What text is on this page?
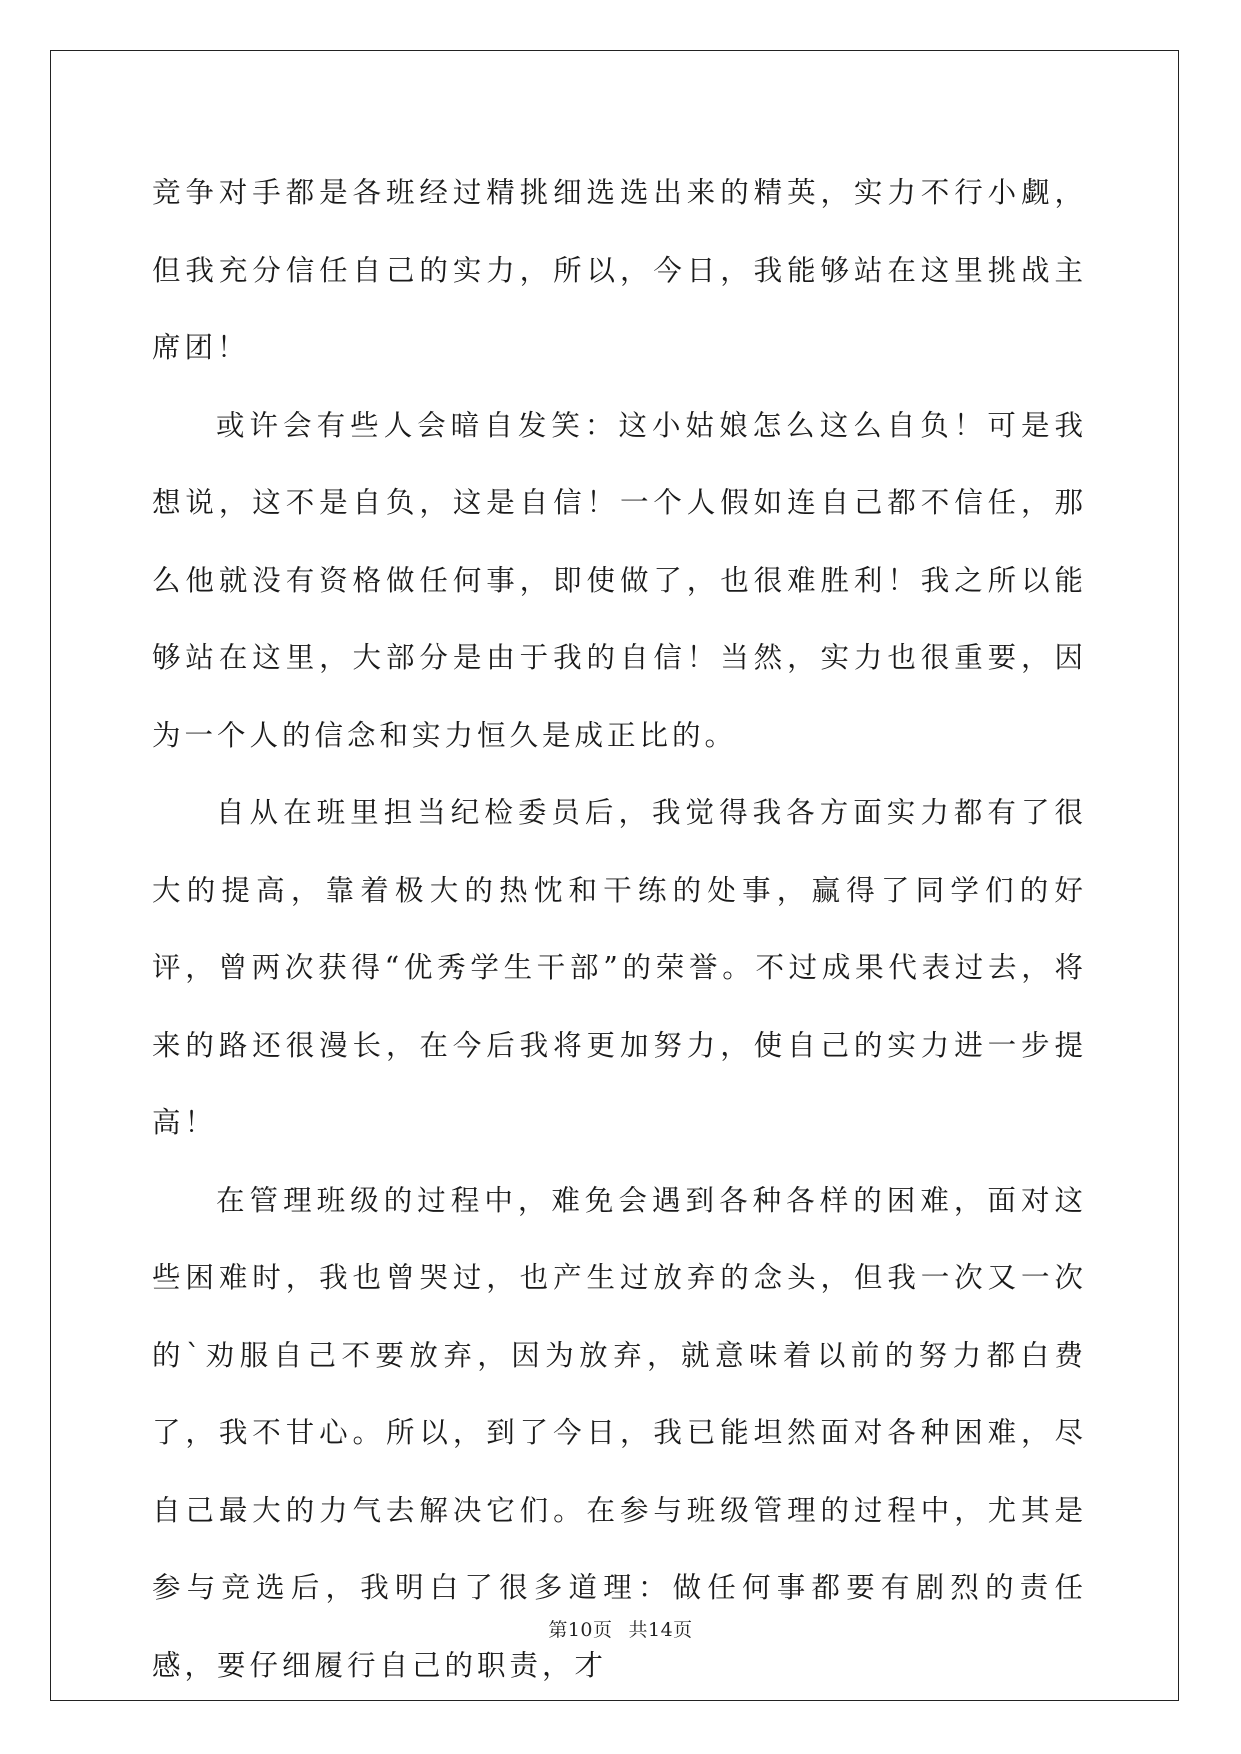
竞争对手都是各班经过精挑细选选出来的精英，实力不行小觑，但我充分信任自己的实力，所以，今日，我能够站在这里挑战主席团！

或许会有些人会暗自发笑：这小姑娘怎么这么自负！可是我想说，这不是自负，这是自信！一个人假如连自己都不信任，那么他就没有资格做任何事，即使做了，也很难胜利！我之所以能够站在这里，大部分是由于我的自信！当然，实力也很重要，因为一个人的信念和实力恒久是成正比的。

自从在班里担当纪检委员后，我觉得我各方面实力都有了很大的提高，靠着极大的热忱和干练的处事，赢得了同学们的好评，曾两次获得“优秀学生干部”的荣誉。不过成果代表过去，将来的路还很漫长，在今后我将更加努力，使自己的实力进一步提高！

在管理班级的过程中，难免会遇到各种各样的困难，面对这些困难时，我也曾哭过，也产生过放弃的念头，但我一次又一次的`劝服自己不要放弃，因为放弃，就意味着以前的努力都白费了，我不甘心。所以，到了今日，我已能坦然面对各种困难，尽自己最大的力气去解决它们。在参与班级管理的过程中，尤其是参与竞选后，我明白了很多道理：做任何事都要有剧烈的责任感，要仔细履行自己的职责，才

第10页 共14页
